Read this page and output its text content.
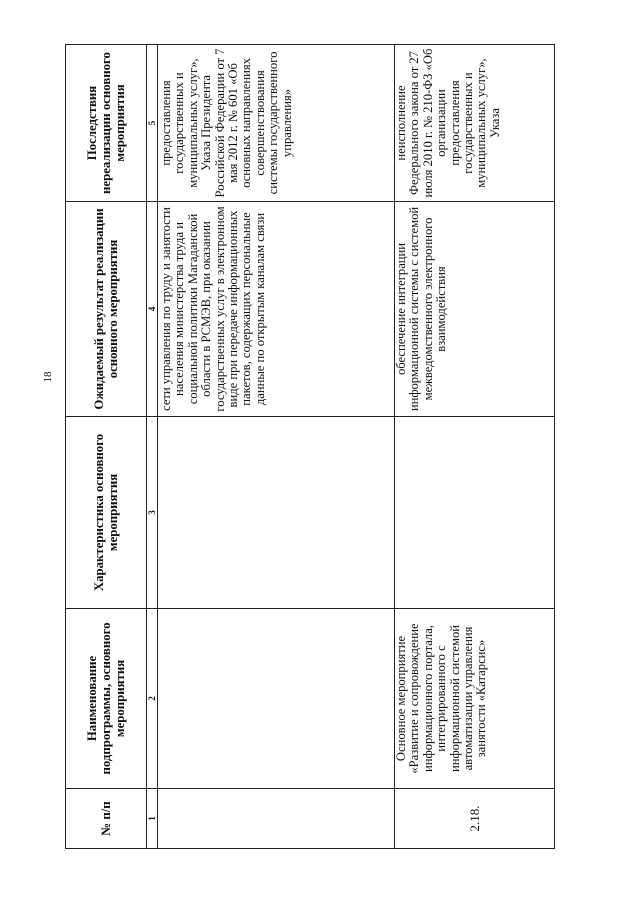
18
№ п/п	Наименование подпрограммы, основного мероприятия	Характеристика основного мероприятия	Ожидаемый результат реализации основного мероприятия	Последствия нереализации основного мероприятия
1	2	3	4	5
			сети управления по труду и занятости населения министерства труда и социальной политики Магаданской области в РСМЭВ, при оказании государственных услуг в электронном виде при передаче информационных пакетов, содержащих персональные данные по открытым каналам связи	предоставления государственных и муниципальных услуг», Указа Президента Российской Федерации от 7 мая 2012 г. № 601 «Об основных направлениях совершенствования системы государственного управления»
2.18.	Основное мероприятие «Развитие и сопровождение информационного портала, интегрированного с информационной системой автоматизации управления занятости «Катарсис»		обеспечение интеграции информационной системы с системой межведомственного электронного взаимодействия	неисполнение Федерального закона от 27 июля 2010 г. № 210-ФЗ «Об организации предоставления государственных и муниципальных услуг», Указа
